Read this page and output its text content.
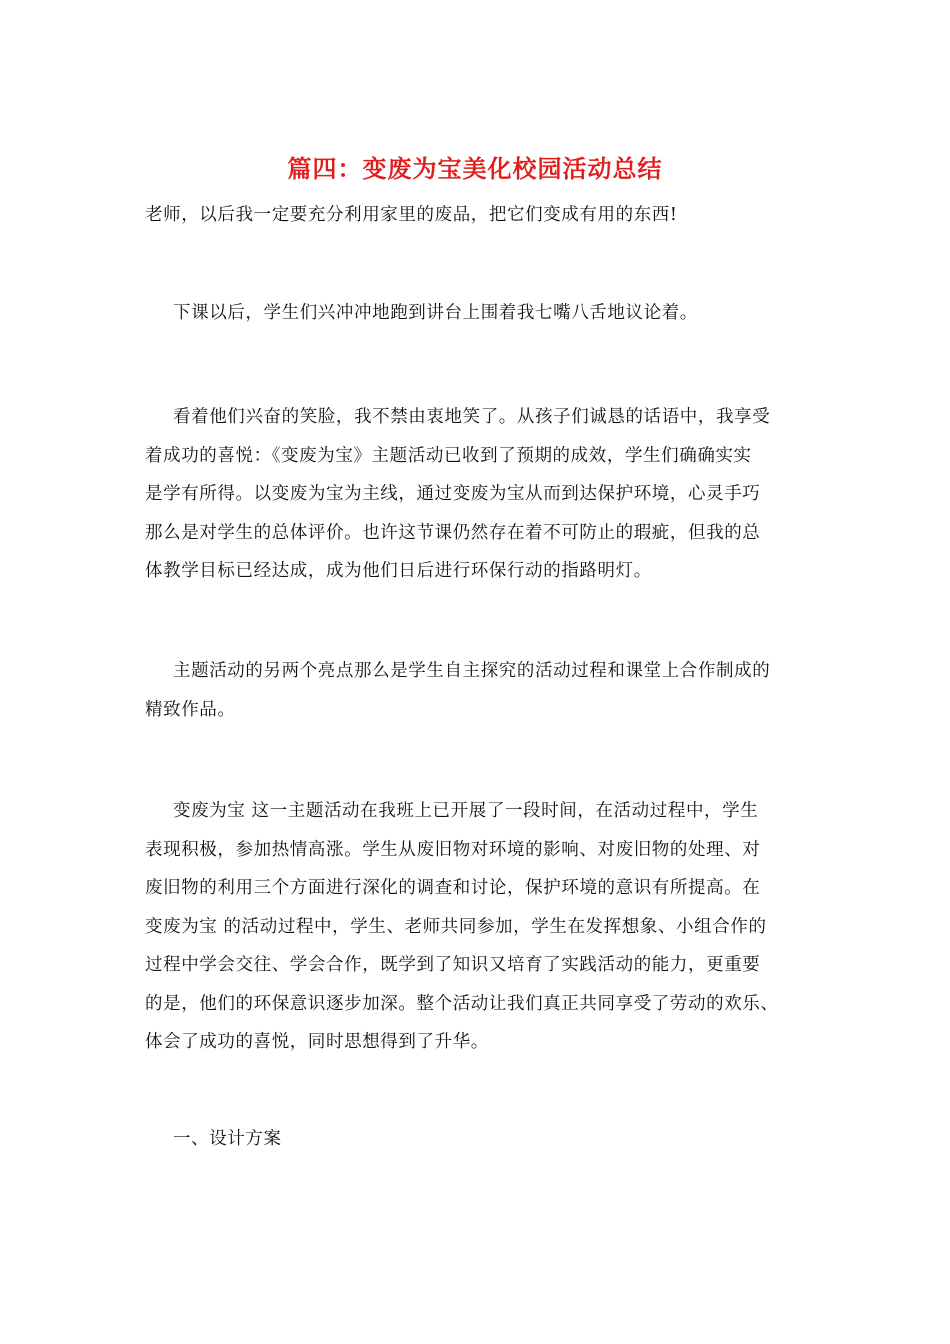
篇四：变废为宝美化校园活动总结
老师，以后我一定要充分利用家里的废品，把它们变成有用的东西!
下课以后，学生们兴冲冲地跑到讲台上围着我七嘴八舌地议论着。
看着他们兴奋的笑脸，我不禁由衷地笑了。从孩子们诚恳的话语中，我享受
着成功的喜悦：《变废为宝》主题活动已收到了预期的成效，学生们确确实实
是学有所得。以变废为宝为主线，通过变废为宝从而到达保护环境，心灵手巧
那么是对学生的总体评价。也许这节课仍然存在着不可防止的瑕疵，但我的总
体教学目标已经达成，成为他们日后进行环保行动的指路明灯。
主题活动的另两个亮点那么是学生自主探究的活动过程和课堂上合作制成的
精致作品。
变废为宝 这一主题活动在我班上已开展了一段时间，在活动过程中，学生
表现积极，参加热情高涨。学生从废旧物对环境的影响、对废旧物的处理、对
废旧物的利用三个方面进行深化的调查和讨论，保护环境的意识有所提高。在
变废为宝 的活动过程中，学生、老师共同参加，学生在发挥想象、小组合作的
过程中学会交往、学会合作，既学到了知识又培育了实践活动的能力，更重要
的是，他们的环保意识逐步加深。整个活动让我们真正共同享受了劳动的欢乐、
体会了成功的喜悦，同时思想得到了升华。
一、设计方案
